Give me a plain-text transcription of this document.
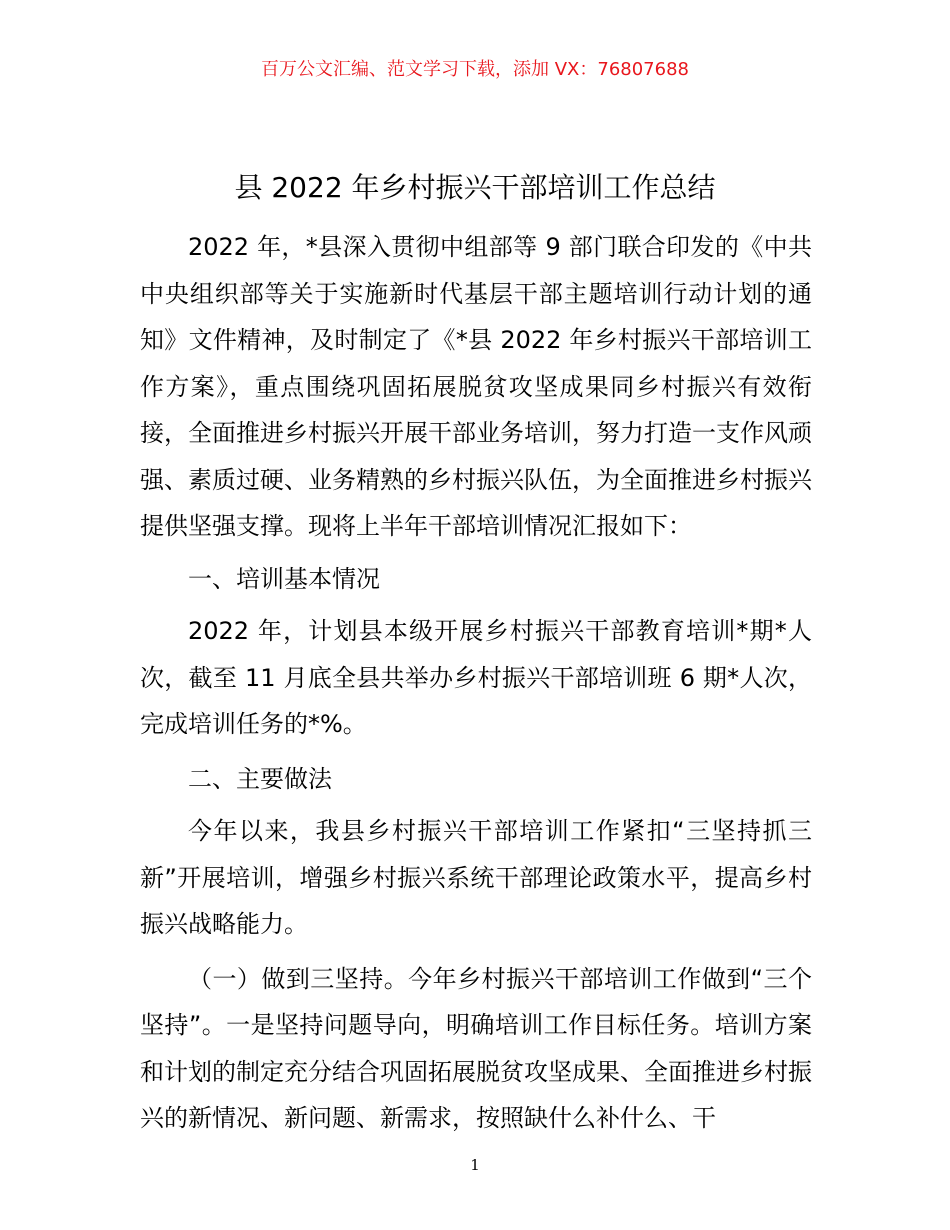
百万公文汇编、范文学习下载，添加 VX：76807688
县 2022 年乡村振兴干部培训工作总结

2022 年，*县深入贯彻中组部等 9 部门联合印发的《中共中央组织部等关于实施新时代基层干部主题培训行动计划的通知》文件精神，及时制定了《*县 2022 年乡村振兴干部培训工作方案》，重点围绕巩固拓展脱贫攻坚成果同乡村振兴有效衔接，全面推进乡村振兴开展干部业务培训，努力打造一支作风顽强、素质过硬、业务精熟的乡村振兴队伍，为全面推进乡村振兴提供坚强支撑。现将上半年干部培训情况汇报如下：

一、培训基本情况

2022 年，计划县本级开展乡村振兴干部教育培训*期*人次，截至 11 月底全县共举办乡村振兴干部培训班 6 期*人次，完成培训任务的*%。

二、主要做法

今年以来，我县乡村振兴干部培训工作紧扣“三坚持抓三新”开展培训，增强乡村振兴系统干部理论政策水平，提高乡村振兴战略能力。

（一）做到三坚持。今年乡村振兴干部培训工作做到“三个坚持”。一是坚持问题导向，明确培训工作目标任务。培训方案和计划的制定充分结合巩固拓展脱贫攻坚成果、全面推进乡村振兴的新情况、新问题、新需求，按照缺什么补什么、干

1
